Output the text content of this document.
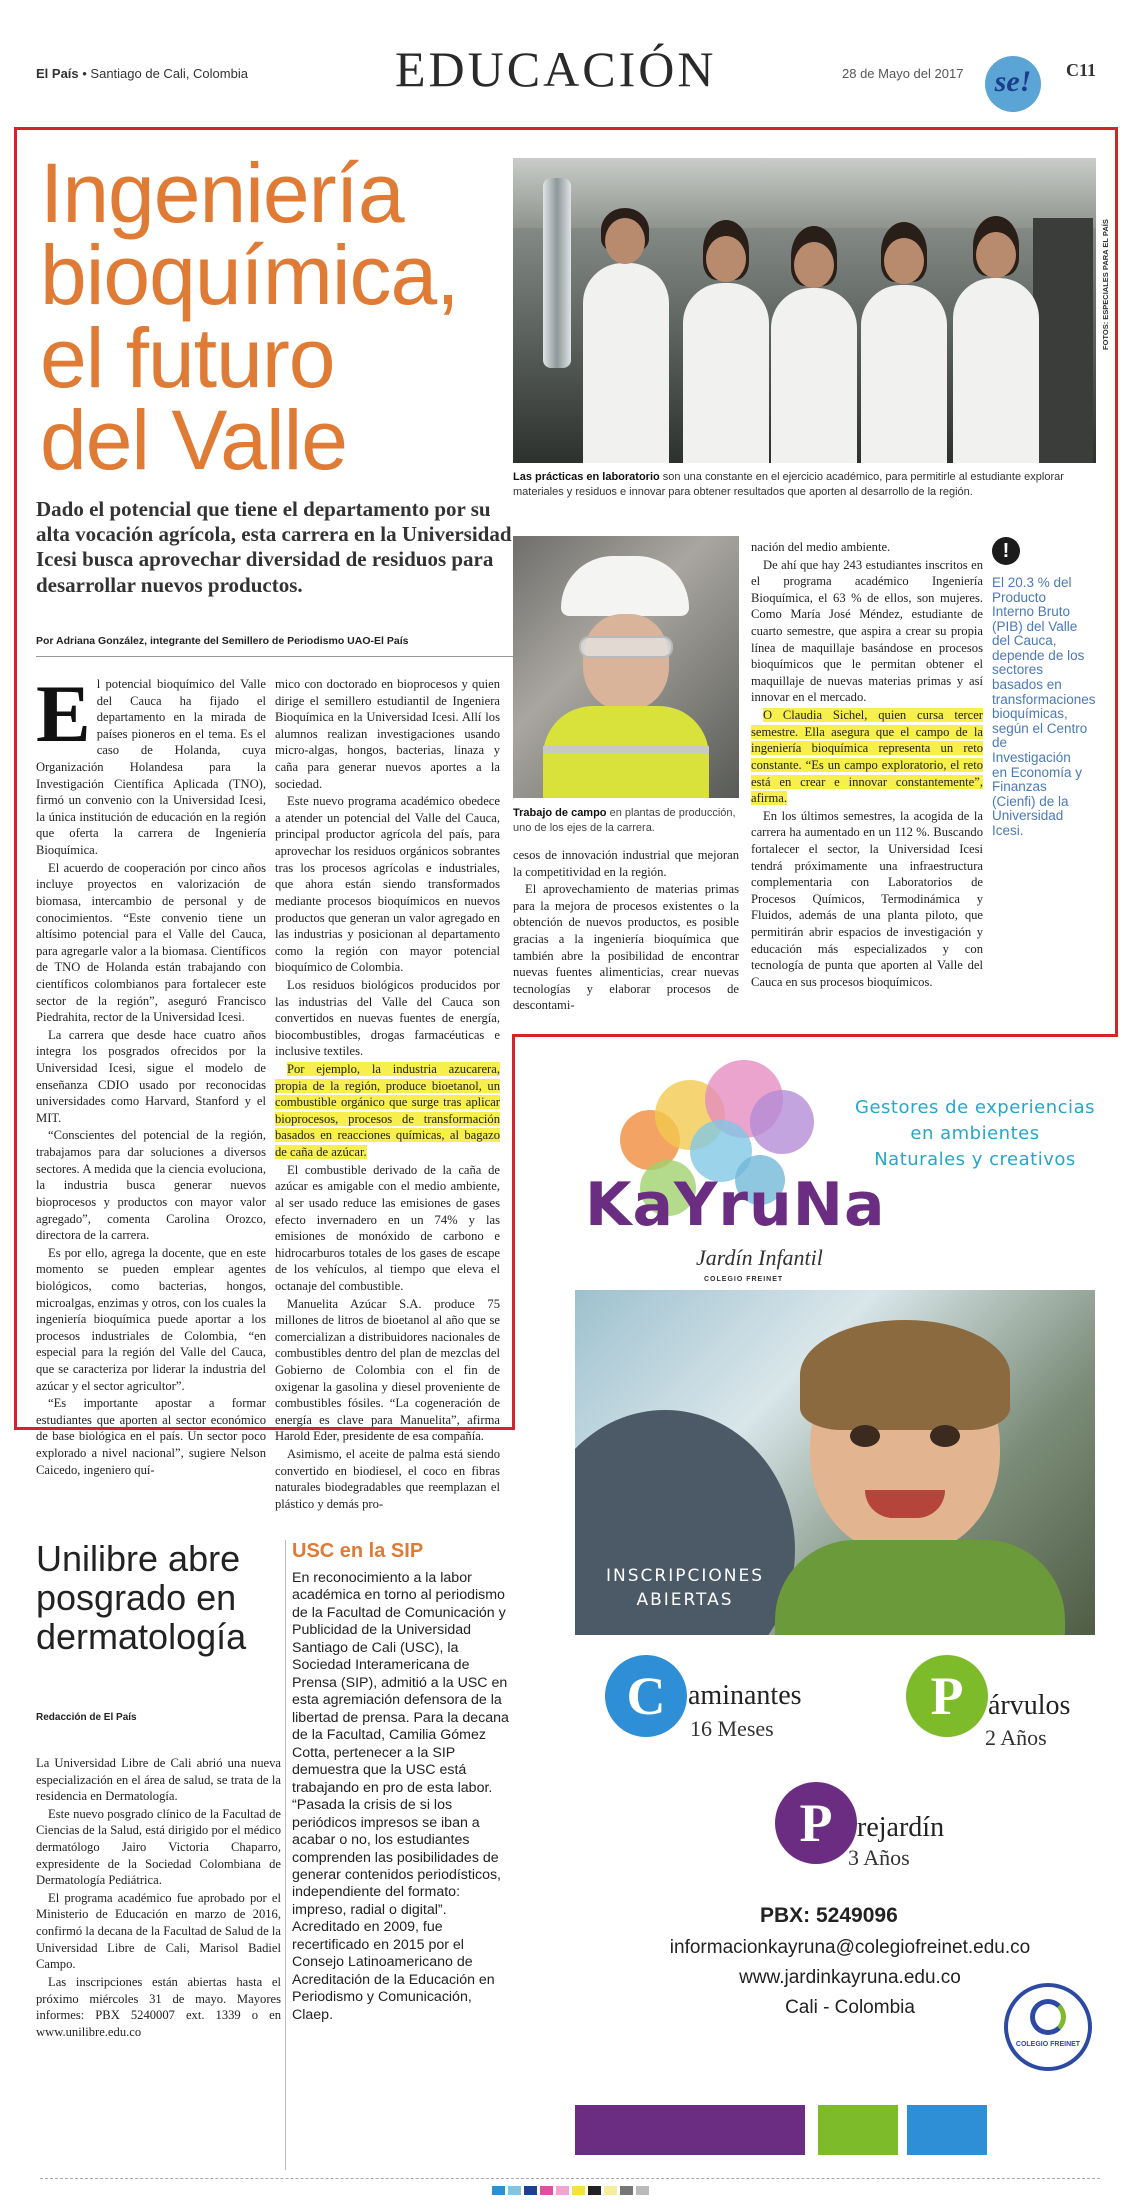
El País • Santiago de Cali, Colombia	EDUCACIÓN	28 de Mayo del 2017	se!	C11
Ingeniería
bioquímica,
el futuro
del Valle
Dado el potencial que tiene el departamento por su alta vocación agrícola, esta carrera en la Universidad Icesi busca aprovechar diversidad de residuos para desarrollar nuevos productos.
Por Adriana González, integrante del Semillero de Periodismo UAO-El País
FOTOS: ESPECIALES PARA EL PAÍS
Las prácticas en laboratorio son una constante en el ejercicio académico, para permitirle al estudiante explorar materiales y residuos e innovar para obtener resultados que aporten al desarrollo de la región.
Trabajo de campo en plantas de producción, uno de los ejes de la carrera.

El potencial bioquímico del Valle del Cauca ha fijado el departamento en la mirada de países pioneros en el tema. Es el caso de Holanda, cuya Organización Holandesa para la Investigación Científica Aplicada (TNO), firmó un convenio con la Universidad Icesi, la única institución de educación en la región que oferta la carrera de Ingeniería Bioquímica.

El acuerdo de cooperación por cinco años incluye proyectos en valorización de biomasa, intercambio de personal y de conocimientos. “Este convenio tiene un altísimo potencial para el Valle del Cauca, para agregarle valor a la biomasa. Científicos de TNO de Holanda están trabajando con científicos colombianos para fortalecer este sector de la región”, aseguró Francisco Piedrahita, rector de la Universidad Icesi.

La carrera que desde hace cuatro años integra los posgrados ofrecidos por la Universidad Icesi, sigue el modelo de enseñanza CDIO usado por reconocidas universidades como Harvard, Stanford y el MIT.

“Conscientes del potencial de la región, trabajamos para dar soluciones a diversos sectores. A medida que la ciencia evoluciona, la industria busca generar nuevos bioprocesos y productos con mayor valor agregado”, comenta Carolina Orozco, directora de la carrera.

Es por ello, agrega la docente, que en este momento se pueden emplear agentes biológicos, como bacterias, hongos, microalgas, enzimas y otros, con los cuales la ingeniería bioquímica puede aportar a los procesos industriales de Colombia, “en especial para la región del Valle del Cauca, que se caracteriza por liderar la industria del azúcar y el sector agricultor”.

“Es importante apostar a formar estudiantes que aporten al sector económico de base biológica en el país. Un sector poco explorado a nivel nacional”, sugiere Nelson Caicedo, ingeniero quí-

mico con doctorado en bioprocesos y quien dirige el semillero estudiantil de Ingeniera Bioquímica en la Universidad Icesi. Allí los alumnos realizan investigaciones usando micro-algas, hongos, bacterias, linaza y caña para generar nuevos aportes a la sociedad.

Este nuevo programa académico obedece a atender un potencial del Valle del Cauca, principal productor agrícola del país, para aprovechar los residuos orgánicos sobrantes tras los procesos agrícolas e industriales, que ahora están siendo transformados mediante procesos bioquímicos en nuevos productos que generan un valor agregado en las industrias y posicionan al departamento como la región con mayor potencial bioquímico de Colombia.

Los residuos biológicos producidos por las industrias del Valle del Cauca son convertidos en nuevas fuentes de energía, biocombustibles, drogas farmacéuticas e inclusive textiles.

Por ejemplo, la industria azucarera, propia de la región, produce bioetanol, un combustible orgánico que surge tras aplicar bioprocesos, procesos de transformación basados en reacciones químicas, al bagazo de caña de azúcar.

El combustible derivado de la caña de azúcar es amigable con el medio ambiente, al ser usado reduce las emisiones de gases efecto invernadero en un 74% y las emisiones de monóxido de carbono e hidrocarburos totales de los gases de escape de los vehículos, al tiempo que eleva el octanaje del combustible.

Manuelita Azúcar S.A. produce 75 millones de litros de bioetanol al año que se comercializan a distribuidores nacionales de combustibles dentro del plan de mezclas del Gobierno de Colombia con el fin de oxigenar la gasolina y diesel proveniente de combustibles fósiles. “La cogeneración de energía es clave para Manuelita”, afirma Harold Eder, presidente de esa compañía.

Asimismo, el aceite de palma está siendo convertido en biodiesel, el coco en fibras naturales biodegradables que reemplazan el plástico y demás pro-

cesos de innovación industrial que mejoran la competitividad en la región.

El aprovechamiento de materias primas para la mejora de procesos existentes o la obtención de nuevos productos, es posible gracias a la ingeniería bioquímica que también abre la posibilidad de encontrar nuevas fuentes alimenticias, crear nuevas tecnologías y elaborar procesos de descontami-

nación del medio ambiente.

De ahí que hay 243 estudiantes inscritos en el programa académico Ingeniería Bioquímica, el 63 % de ellos, son mujeres. Como María José Méndez, estudiante de cuarto semestre, que aspira a crear su propia línea de maquillaje basándose en procesos bioquímicos que le permitan obtener el maquillaje de nuevas materias primas y así innovar en el mercado.

O Claudia Sichel, quien cursa tercer semestre. Ella asegura que el campo de la ingeniería bioquímica representa un reto constante. “Es un campo exploratorio, el reto está en crear e innovar constantemente”, afirma.

En los últimos semestres, la acogida de la carrera ha aumentado en un 112 %. Buscando fortalecer el sector, la Universidad Icesi tendrá próximamente una infraestructura complementaria con Laboratorios de Procesos Químicos, Termodinámica y Fluidos, además de una planta piloto, que permitirán abrir espacios de investigación y educación más especializados y con tecnología de punta que aporten al Valle del Cauca en sus procesos bioquímicos.

!
El 20.3 % del Producto Interno Bruto (PIB) del Valle del Cauca, depende de los sectores basados en transformaciones bioquímicas, según el Centro de Investigación en Economía y Finanzas (Cienfi) de la Universidad Icesi.
Unilibre abre posgrado en dermatología
Redacción de El País

La Universidad Libre de Cali abrió una nueva especialización en el área de salud, se trata de la residencia en Dermatología.

Este nuevo posgrado clínico de la Facultad de Ciencias de la Salud, está dirigido por el médico dermatólogo Jairo Victoria Chaparro, expresidente de la Sociedad Colombiana de Dermatología Pediátrica.

El programa académico fue aprobado por el Ministerio de Educación en marzo de 2016, confirmó la decana de la Facultad de Salud de la Universidad Libre de Cali, Marisol Badiel Campo.

Las inscripciones están abiertas hasta el próximo miércoles 31 de mayo. Mayores informes: PBX 5240007 ext. 1339 o en www.unilibre.edu.co

USC en la SIP
En reconocimiento a la labor académica en torno al periodismo de la Facultad de Comunicación y Publicidad de la Universidad Santiago de Cali (USC), la Sociedad Interamericana de Prensa (SIP), admitió a la USC en esta agremiación defensora de la libertad de prensa. Para la decana de la Facultad, Camilia Gómez Cotta, pertenecer a la SIP demuestra que la USC está trabajando en pro de esta labor. “Pasada la crisis de si los periódicos impresos se iban a acabar o no, los estudiantes comprenden las posibilidades de generar contenidos periodísticos, independiente del formato: impreso, radial o digital”. Acreditado en 2009, fue recertificado en 2015 por el Consejo Latinoamericano de Acreditación de la Educación en Periodismo y Comunicación, Claep.
Gestores de experiencias
en ambientes
Naturales y creativos
KaYruNa
Jardín Infantil
COLEGIO FREINET
INSCRIPCIONES
ABIERTAS
C aminantes
16 Meses
P árvulos
2 Años
P rejardín
3 Años
PBX: 5249096
informacionkayruna@colegiofreinet.edu.co
www.jardinkayruna.edu.co
Cali - Colombia
COLEGIO FREINET
